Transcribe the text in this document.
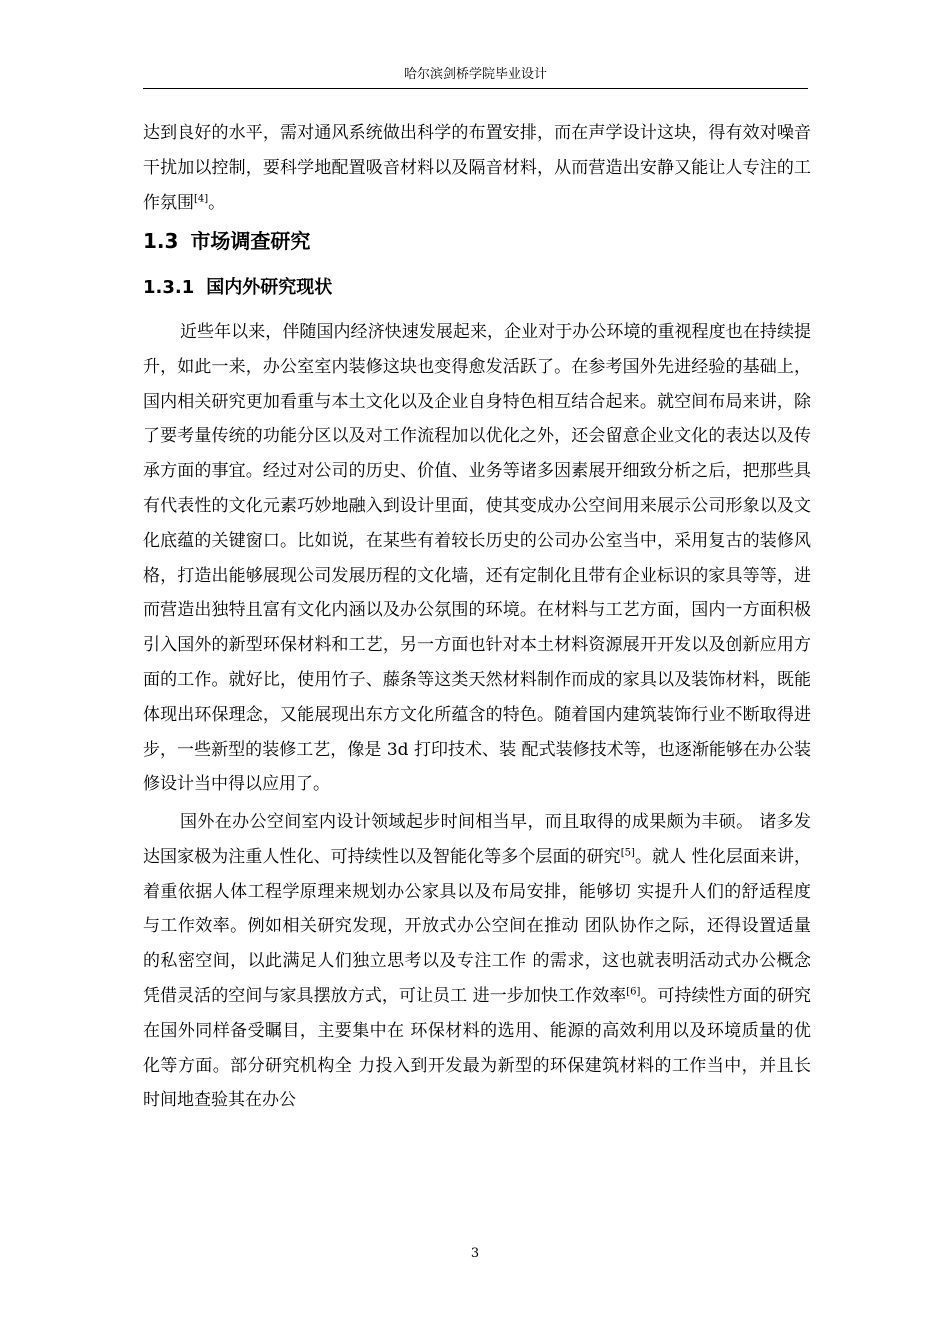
哈尔滨剑桥学院毕业设计

达到良好的水平，需对通风系统做出科学的布置安排，而在声学设计这块，得有效对噪音干扰加以控制，要科学地配置吸音材料以及隔音材料，从而营造出安静又能让人专注的工作氛围[4]。

1.3 市场调查研究
1.3.1 国内外研究现状

近些年以来，伴随国内经济快速发展起来，企业对于办公环境的重视程度也在持续提升，如此一来，办公室室内装修这块也变得愈发活跃了。在参考国外先进经验的基础上，国内相关研究更加看重与本土文化以及企业自身特色相互结合起来。就空间布局来讲，除了要考量传统的功能分区以及对工作流程加以优化之外，还会留意企业文化的表达以及传承方面的事宜。经过对公司的历史、价值、业务等诸多因素展开细致分析之后，把那些具有代表性的文化元素巧妙地融入到设计里面，使其变成办公空间用来展示公司形象以及文化底蕴的关键窗口。比如说，在某些有着较长历史的公司办公室当中，采用复古的装修风格，打造出能够展现公司发展历程的文化墙，还有定制化且带有企业标识的家具等等，进而营造出独特且富有文化内涵以及办公氛围的环境。在材料与工艺方面，国内一方面积极引入国外的新型环保材料和工艺，另一方面也针对本土材料资源展开开发以及创新应用方面的工作。就好比，使用竹子、藤条等这类天然材料制作而成的家具以及装饰材料，既能体现出环保理念，又能展现出东方文化所蕴含的特色。随着国内建筑装饰行业不断取得进步，一些新型的装修工艺，像是 3d 打印技术、装 配式装修技术等，也逐渐能够在办公装修设计当中得以应用了。

国外在办公空间室内设计领域起步时间相当早，而且取得的成果颇为丰硕。 诸多发达国家极为注重人性化、可持续性以及智能化等多个层面的研究[5]。就人 性化层面来讲，着重依据人体工程学原理来规划办公家具以及布局安排，能够切 实提升人们的舒适程度与工作效率。例如相关研究发现，开放式办公空间在推动 团队协作之际，还得设置适量的私密空间，以此满足人们独立思考以及专注工作 的需求，这也就表明活动式办公概念凭借灵活的空间与家具摆放方式，可让员工 进一步加快工作效率[6]。可持续性方面的研究在国外同样备受瞩目，主要集中在 环保材料的选用、能源的高效利用以及环境质量的优化等方面。部分研究机构全 力投入到开发最为新型的环保建筑材料的工作当中，并且长时间地查验其在办公

3
